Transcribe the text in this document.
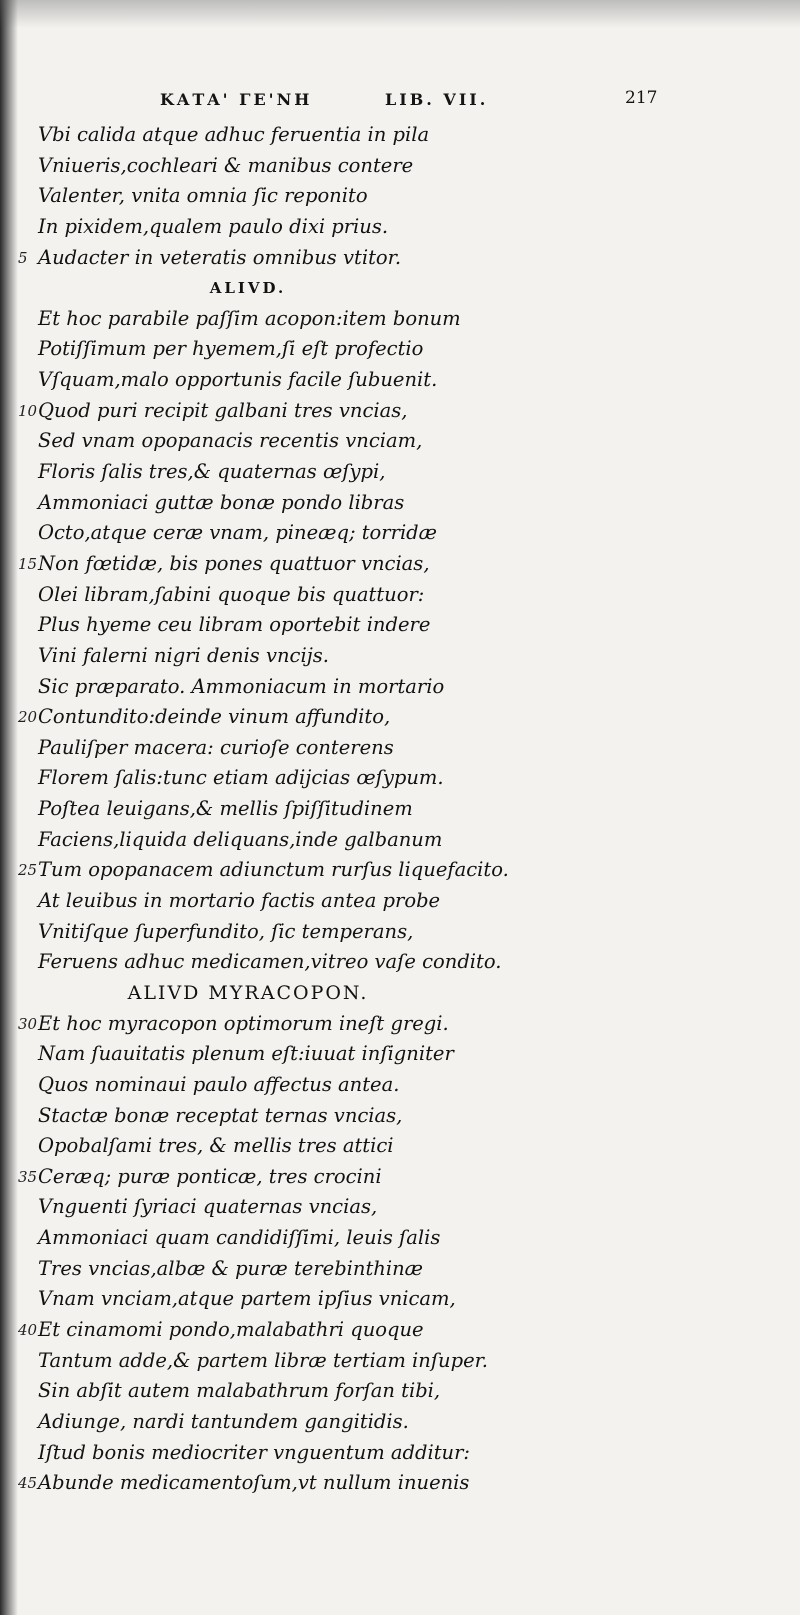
ΚΑΤΑ' ΓΕ'ΝΗ	LIB. VII.	217
Vbi calida atque adhuc feruentia in pila
Vniueris,cochleari & manibus contere
Valenter, vnita omnia ſic reponito
In pixidem,qualem paulo dixi prius.
5 Audacter in veteratis omnibus vtitor.
ALIVD.
Et hoc parabile paſſim acopon:item bonum
Potiſſimum per hyemem,ſi eſt profectio
Vſquam,malo opportunis facile ſubuenit.
10 Quod puri recipit galbani tres vncias,
Sed vnam opopanacis recentis vnciam,
Floris ſalis tres,& quaternas œſypi,
Ammoniaci guttæ bonæ pondo libras
Octo,atque ceræ vnam, pineæq; torridæ
15 Non fœtidæ, bis pones quattuor vncias,
Olei libram,ſabini quoque bis quattuor:
Plus hyeme ceu libram oportebit indere
Vini falerni nigri denis vncijs.
Sic præparato. Ammoniacum in mortario
20 Contundito:deinde vinum affundito,
Pauliſper macera: curioſe conterens
Florem ſalis:tunc etiam adijcias œſypum.
Poſtea leuigans,& mellis ſpiſſitudinem
Faciens,liquida deliquans,inde galbanum
25 Tum opopanacem adiunctum rurſus liquefacito.
At leuibus in mortario factis antea probe
Vnitiſque ſuperfundito, ſic temperans,
Feruens adhuc medicamen,vitreo vaſe condito.
ALIVD MYRACOPON.
30 Et hoc myracopon optimorum ineſt gregi.
Nam ſuauitatis plenum eſt:iuuat inſigniter
Quos nominaui paulo affectus antea.
Stactæ bonæ receptat ternas vncias,
Opobalſami tres, & mellis tres attici
35 Ceræq; puræ ponticæ, tres crocini
Vnguenti ſyriaci quaternas vncias,
Ammoniaci quam candidiſſimi, leuis ſalis
Tres vncias,albæ & puræ terebinthinæ
Vnam vnciam,atque partem ipſius vnicam,
40 Et cinamomi pondo,malabathri quoque
Tantum adde,& partem libræ tertiam inſuper.
Sin abſit autem malabathrum forſan tibi,
Adiunge, nardi tantundem gangitidis.
Iſtud bonis mediocriter vnguentum additur:
45 Abunde medicamentoſum,vt nullum inuenis
